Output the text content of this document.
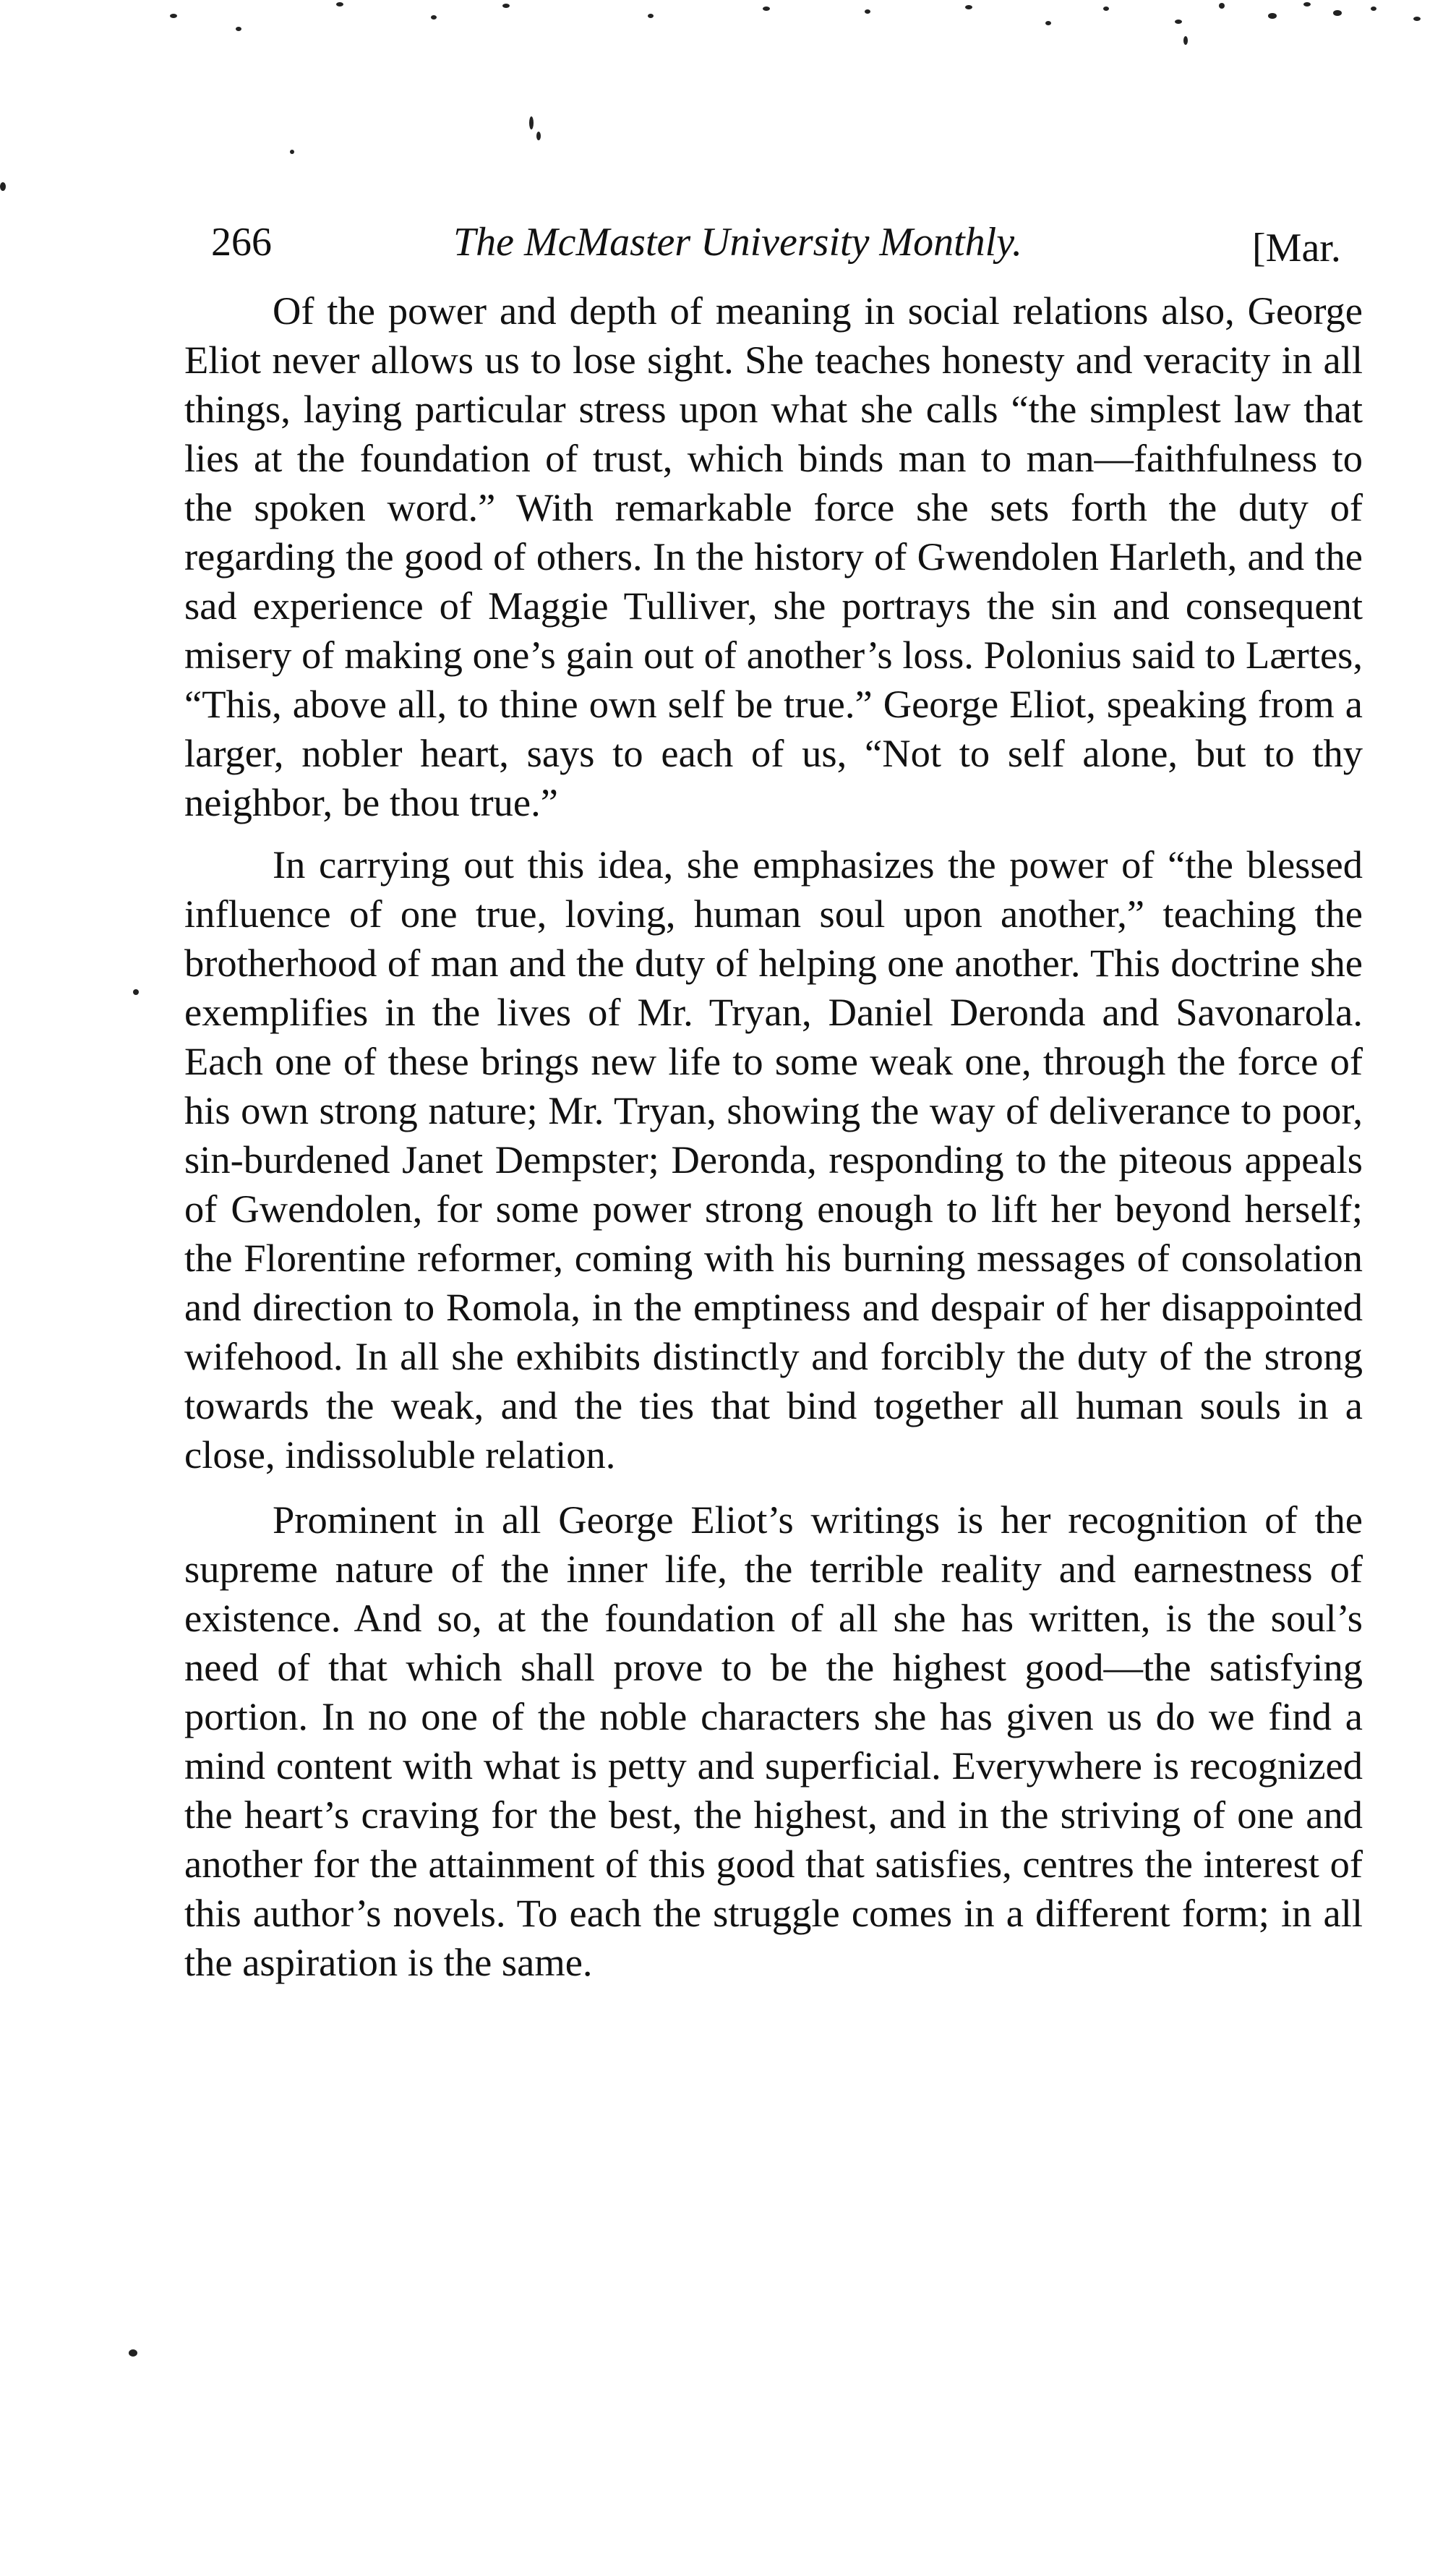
266	The McMaster University Monthly.	[Mar.

Of the power and depth of meaning in social relations also, George Eliot never allows us to lose sight. She teaches honesty and veracity in all things, laying particular stress upon what she calls “the simplest law that lies at the foundation of trust, which binds man to man—faithfulness to the spoken word.” With remarkable force she sets forth the duty of regarding the good of others. In the history of Gwendolen Harleth, and the sad experience of Maggie Tulliver, she portrays the sin and consequent misery of making one’s gain out of another’s loss. Polonius said to Lærtes, “This, above all, to thine own self be true.” George Eliot, speaking from a larger, nobler heart, says to each of us, “Not to self alone, but to thy neighbor, be thou true.”

In carrying out this idea, she emphasizes the power of “the blessed influence of one true, loving, human soul upon another,” teaching the brotherhood of man and the duty of helping one another. This doctrine she exemplifies in the lives of Mr. Tryan, Daniel Deronda and Savonarola. Each one of these brings new life to some weak one, through the force of his own strong nature; Mr. Tryan, showing the way of deliverance to poor, sin-burdened Janet Dempster; Deronda, responding to the piteous appeals of Gwendolen, for some power strong enough to lift her beyond herself; the Florentine reformer, coming with his burning messages of consolation and direction to Romola, in the emptiness and despair of her disappointed wifehood. In all she exhibits distinctly and forcibly the duty of the strong towards the weak, and the ties that bind together all human souls in a close, indissoluble relation.

Prominent in all George Eliot’s writings is her recognition of the supreme nature of the inner life, the terrible reality and earnestness of existence. And so, at the foundation of all she has written, is the soul’s need of that which shall prove to be the highest good—the satisfying portion. In no one of the noble characters she has given us do we find a mind content with what is petty and superficial. Everywhere is recognized the heart’s craving for the best, the highest, and in the striving of one and another for the attainment of this good that satisfies, centres the interest of this author’s novels. To each the struggle comes in a different form; in all the aspiration is the same.
